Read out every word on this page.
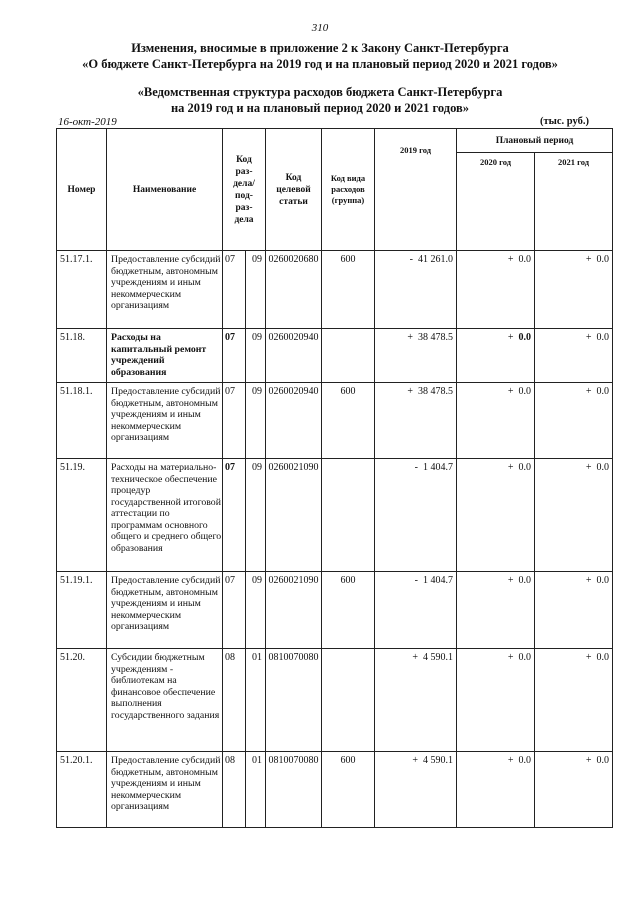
310
Изменения, вносимые в приложение 2 к Закону Санкт-Петербурга
«О бюджете Санкт-Петербурга на 2019 год и на плановый период 2020 и 2021 годов»
«Ведомственная структура расходов бюджета Санкт-Петербурга
на 2019 год и на плановый период 2020 и 2021 годов»
16-окт-2019	(тыс. руб.)
Номер	Наименование	Код раз- дела/ под- раз- дела		Код целевой статьи	Код вида расходов (группа)	2019 год	Плановый период	
							2020 год	2021 год
51.17.1.	Предоставление субсидий бюджетным, автономным учреждениям и иным некоммерческим организациям	07	09	0260020680	600	- 41 261.0	+ 0.0	+ 0.0
51.18.	Расходы на капитальный ремонт учреждений образования	07	09	0260020940		+ 38 478.5	+ 0.0	+ 0.0
51.18.1.	Предоставление субсидий бюджетным, автономным учреждениям и иным некоммерческим организациям	07	09	0260020940	600	+ 38 478.5	+ 0.0	+ 0.0
51.19.	Расходы на материально-техническое обеспечение процедур государственной итоговой аттестации по программам основного общего и среднего общего образования	07	09	0260021090		- 1 404.7	+ 0.0	+ 0.0
51.19.1.	Предоставление субсидий бюджетным, автономным учреждениям и иным некоммерческим организациям	07	09	0260021090	600	- 1 404.7	+ 0.0	+ 0.0
51.20.	Субсидии бюджетным учреждениям - библиотекам на финансовое обеспечение выполнения государственного задания	08	01	0810070080		+ 4 590.1	+ 0.0	+ 0.0
51.20.1.	Предоставление субсидий бюджетным, автономным учреждениям и иным некоммерческим организациям	08	01	0810070080	600	+ 4 590.1	+ 0.0	+ 0.0
